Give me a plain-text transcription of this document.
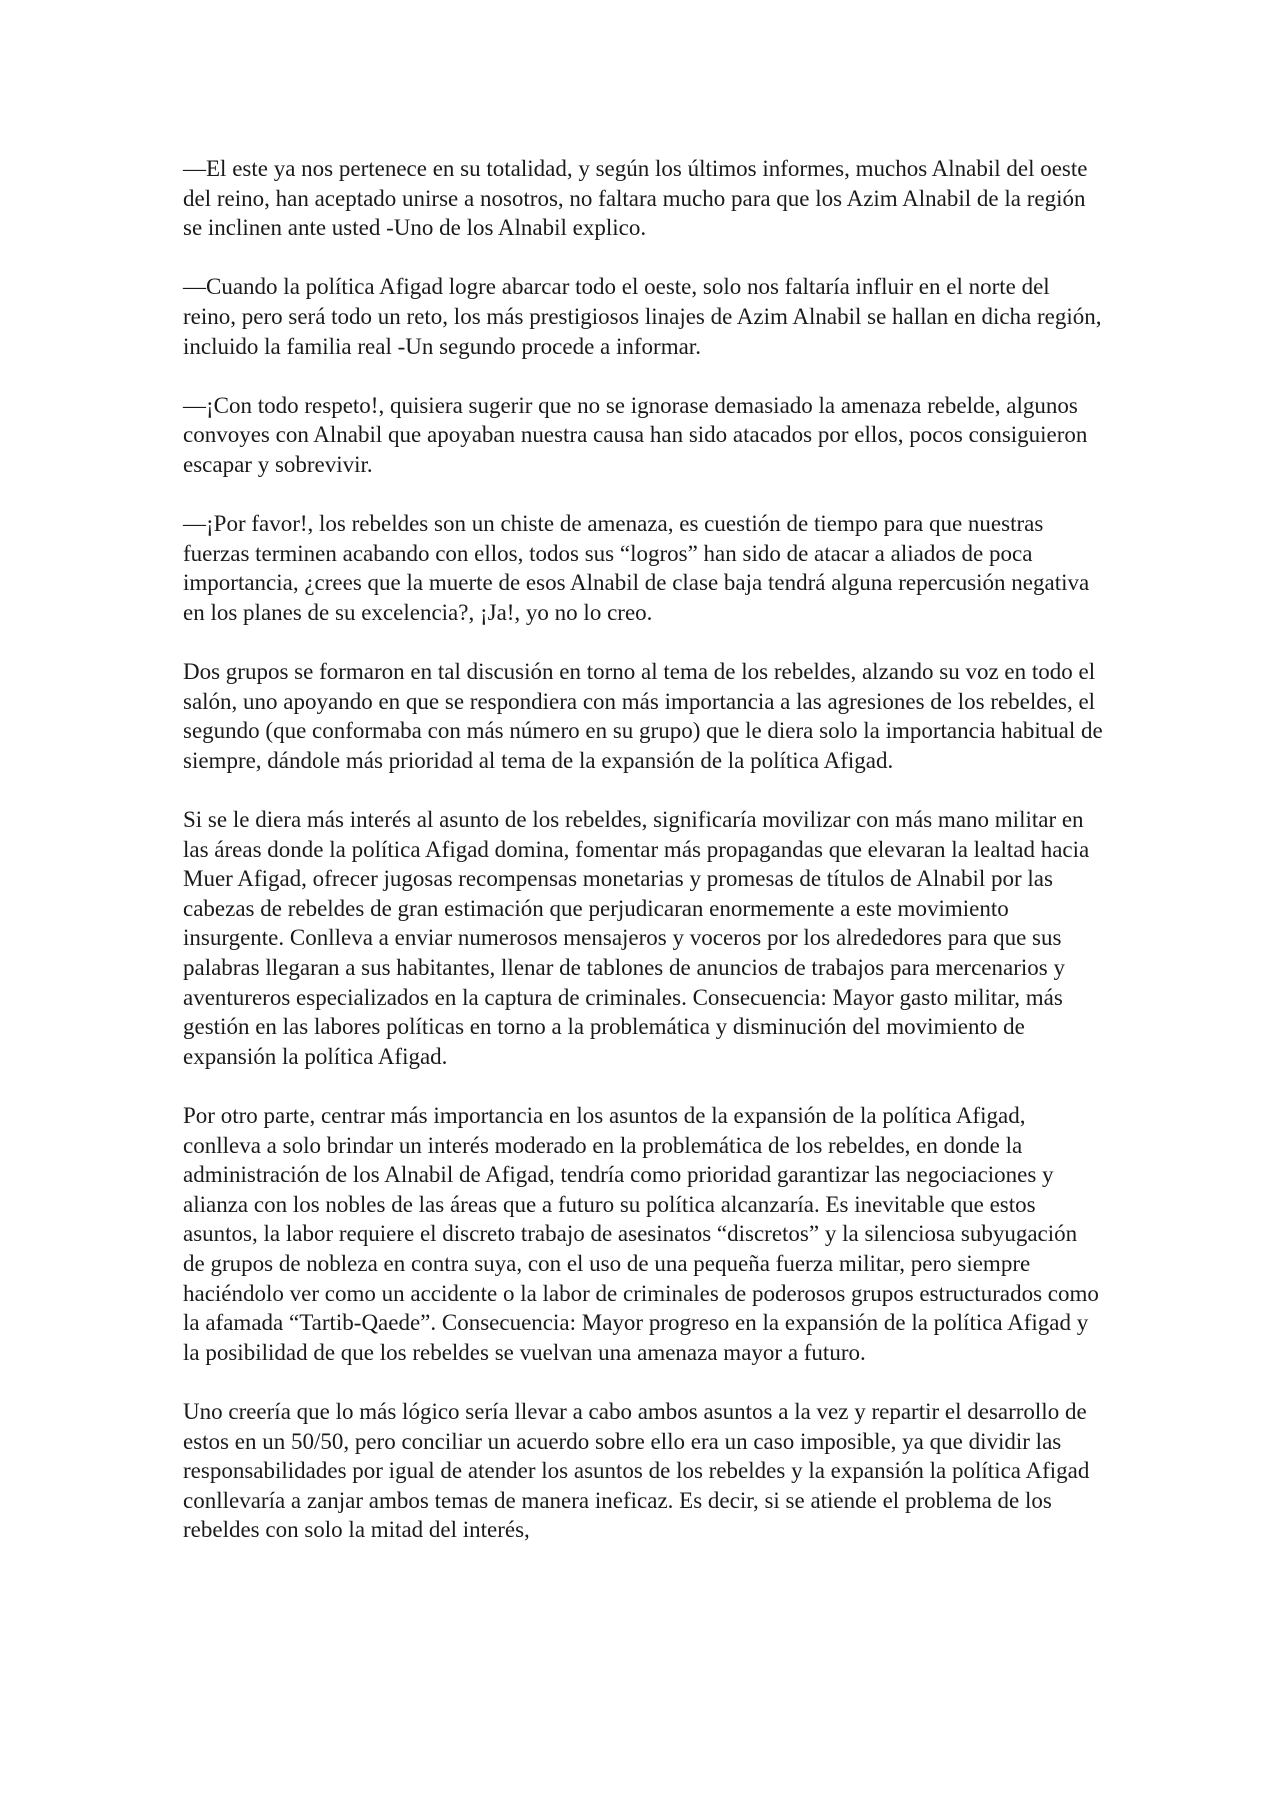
—El este ya nos pertenece en su totalidad, y según los últimos informes, muchos Alnabil del oeste del reino, han aceptado unirse a nosotros, no faltara mucho para que los Azim Alnabil de la región se inclinen ante usted -Uno de los Alnabil explico.

—Cuando la política Afigad logre abarcar todo el oeste, solo nos faltaría influir en el norte del reino, pero será todo un reto, los más prestigiosos linajes de Azim Alnabil se hallan en dicha región, incluido la familia real -Un segundo procede a informar.

—¡Con todo respeto!, quisiera sugerir que no se ignorase demasiado la amenaza rebelde, algunos convoyes con Alnabil que apoyaban nuestra causa han sido atacados por ellos, pocos consiguieron escapar y sobrevivir.

—¡Por favor!, los rebeldes son un chiste de amenaza, es cuestión de tiempo para que nuestras fuerzas terminen acabando con ellos, todos sus “logros” han sido de atacar a aliados de poca importancia, ¿crees que la muerte de esos Alnabil de clase baja tendrá alguna repercusión negativa en los planes de su excelencia?, ¡Ja!, yo no lo creo.

Dos grupos se formaron en tal discusión en torno al tema de los rebeldes, alzando su voz en todo el salón, uno apoyando en que se respondiera con más importancia a las agresiones de los rebeldes, el segundo (que conformaba con más número en su grupo) que le diera solo la importancia habitual de siempre, dándole más prioridad al tema de la expansión de la política Afigad.

Si se le diera más interés al asunto de los rebeldes, significaría movilizar con más mano militar en las áreas donde la política Afigad domina, fomentar más propagandas que elevaran la lealtad hacia Muer Afigad, ofrecer jugosas recompensas monetarias y promesas de títulos de Alnabil por las cabezas de rebeldes de gran estimación que perjudicaran enormemente a este movimiento insurgente. Conlleva a enviar numerosos mensajeros y voceros por los alrededores para que sus palabras llegaran a sus habitantes, llenar de tablones de anuncios de trabajos para mercenarios y aventureros especializados en la captura de criminales. Consecuencia: Mayor gasto militar, más gestión en las labores políticas en torno a la problemática y disminución del movimiento de expansión la política Afigad.

Por otro parte, centrar más importancia en los asuntos de la expansión de la política Afigad, conlleva a solo brindar un interés moderado en la problemática de los rebeldes, en donde la administración de los Alnabil de Afigad, tendría como prioridad garantizar las negociaciones y alianza con los nobles de las áreas que a futuro su política alcanzaría. Es inevitable que estos asuntos, la labor requiere el discreto trabajo de asesinatos “discretos” y la silenciosa subyugación de grupos de nobleza en contra suya, con el uso de una pequeña fuerza militar, pero siempre haciéndolo ver como un accidente o la labor de criminales de poderosos grupos estructurados como la afamada “Tartib-Qaede”. Consecuencia: Mayor progreso en la expansión de la política Afigad y la posibilidad de que los rebeldes se vuelvan una amenaza mayor a futuro.

Uno creería que lo más lógico sería llevar a cabo ambos asuntos a la vez y repartir el desarrollo de estos en un 50/50, pero conciliar un acuerdo sobre ello era un caso imposible, ya que dividir las responsabilidades por igual de atender los asuntos de los rebeldes y la expansión la política Afigad conllevaría a zanjar ambos temas de manera ineficaz. Es decir, si se atiende el problema de los rebeldes con solo la mitad del interés,
